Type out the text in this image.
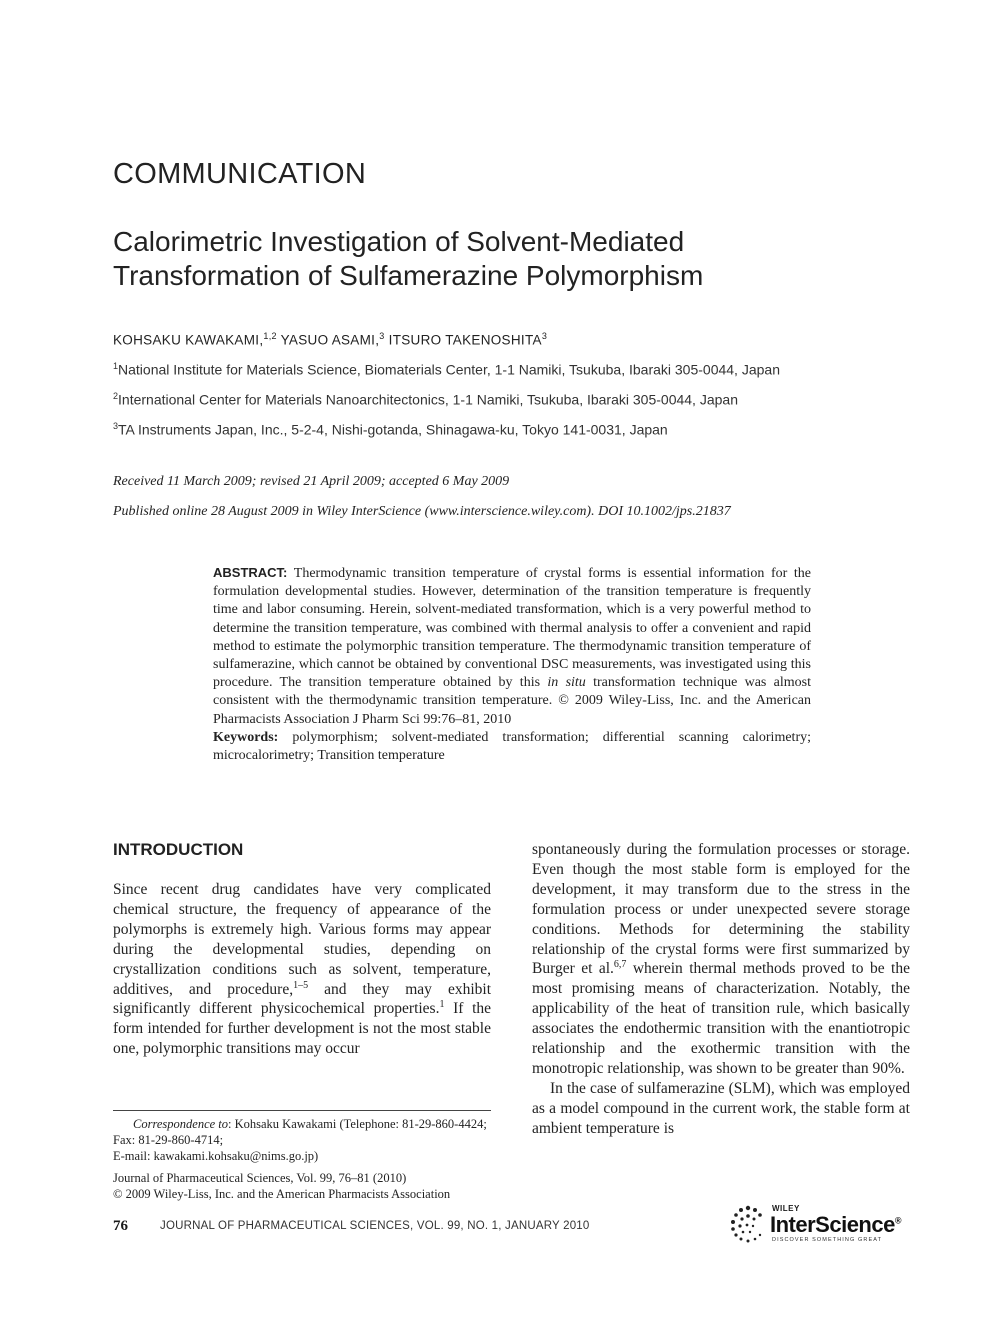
COMMUNICATION
Calorimetric Investigation of Solvent-Mediated
Transformation of Sulfamerazine Polymorphism
KOHSAKU KAWAKAMI,$^{1,2}$ YASUO ASAMI,$^3$ ITSURO TAKENOSHITA$^3$
$^1$National Institute for Materials Science, Biomaterials Center, 1-1 Namiki, Tsukuba, Ibaraki 305-0044, Japan
$^2$International Center for Materials Nanoarchitectonics, 1-1 Namiki, Tsukuba, Ibaraki 305-0044, Japan
$^3$TA Instruments Japan, Inc., 5-2-4, Nishi-gotanda, Shinagawa-ku, Tokyo 141-0031, Japan
Received 11 March 2009; revised 21 April 2009; accepted 6 May 2009
Published online 28 August 2009 in Wiley InterScience (www.interscience.wiley.com). DOI 10.1002/jps.21837
ABSTRACT: Thermodynamic transition temperature of crystal forms is essential information for the formulation developmental studies. However, determination of the transition temperature is frequently time and labor consuming. Herein, solvent-mediated transformation, which is a very powerful method to determine the transition temperature, was combined with thermal analysis to offer a convenient and rapid method to estimate the polymorphic transition temperature. The thermodynamic transition temperature of sulfamerazine, which cannot be obtained by conventional DSC measurements, was investigated using this procedure. The transition temperature obtained by this in situ transformation technique was almost consistent with the thermodynamic transition temperature. © 2009 Wiley-Liss, Inc. and the American Pharmacists Association J Pharm Sci 99:76–81, 2010
Keywords: polymorphism; solvent-mediated transformation; differential scanning calorimetry; microcalorimetry; Transition temperature
INTRODUCTION

Since recent drug candidates have very complicated chemical structure, the frequency of appearance of the polymorphs is extremely high. Various forms may appear during the developmental studies, depending on crystallization conditions such as solvent, temperature, additives, and procedure,$^{1-5}$ and they may exhibit significantly different physicochemical properties.$^1$ If the form intended for further development is not the most stable one, polymorphic transitions may occur

spontaneously during the formulation processes or storage. Even though the most stable form is employed for the development, it may transform due to the stress in the formulation process or under unexpected severe storage conditions. Methods for determining the stability relationship of the crystal forms were first summarized by Burger et al.$^{6,7}$ wherein thermal methods proved to be the most promising means of characterization. Notably, the applicability of the heat of transition rule, which basically associates the endothermic transition with the enantiotropic relationship and the exothermic transition with the monotropic relationship, was shown to be greater than 90%.

In the case of sulfamerazine (SLM), which was employed as a model compound in the current work, the stable form at ambient temperature is

Correspondence to: Kohsaku Kawakami (Telephone: 81-29-860-4424; Fax: 81-29-860-4714;

E-mail: kawakami.kohsaku@nims.go.jp)

Journal of Pharmaceutical Sciences, Vol. 99, 76–81 (2010)

© 2009 Wiley-Liss, Inc. and the American Pharmacists Association

76	JOURNAL OF PHARMACEUTICAL SCIENCES, VOL. 99, NO. 1, JANUARY 2010
WILEY
InterScience®
DISCOVER SOMETHING GREAT
